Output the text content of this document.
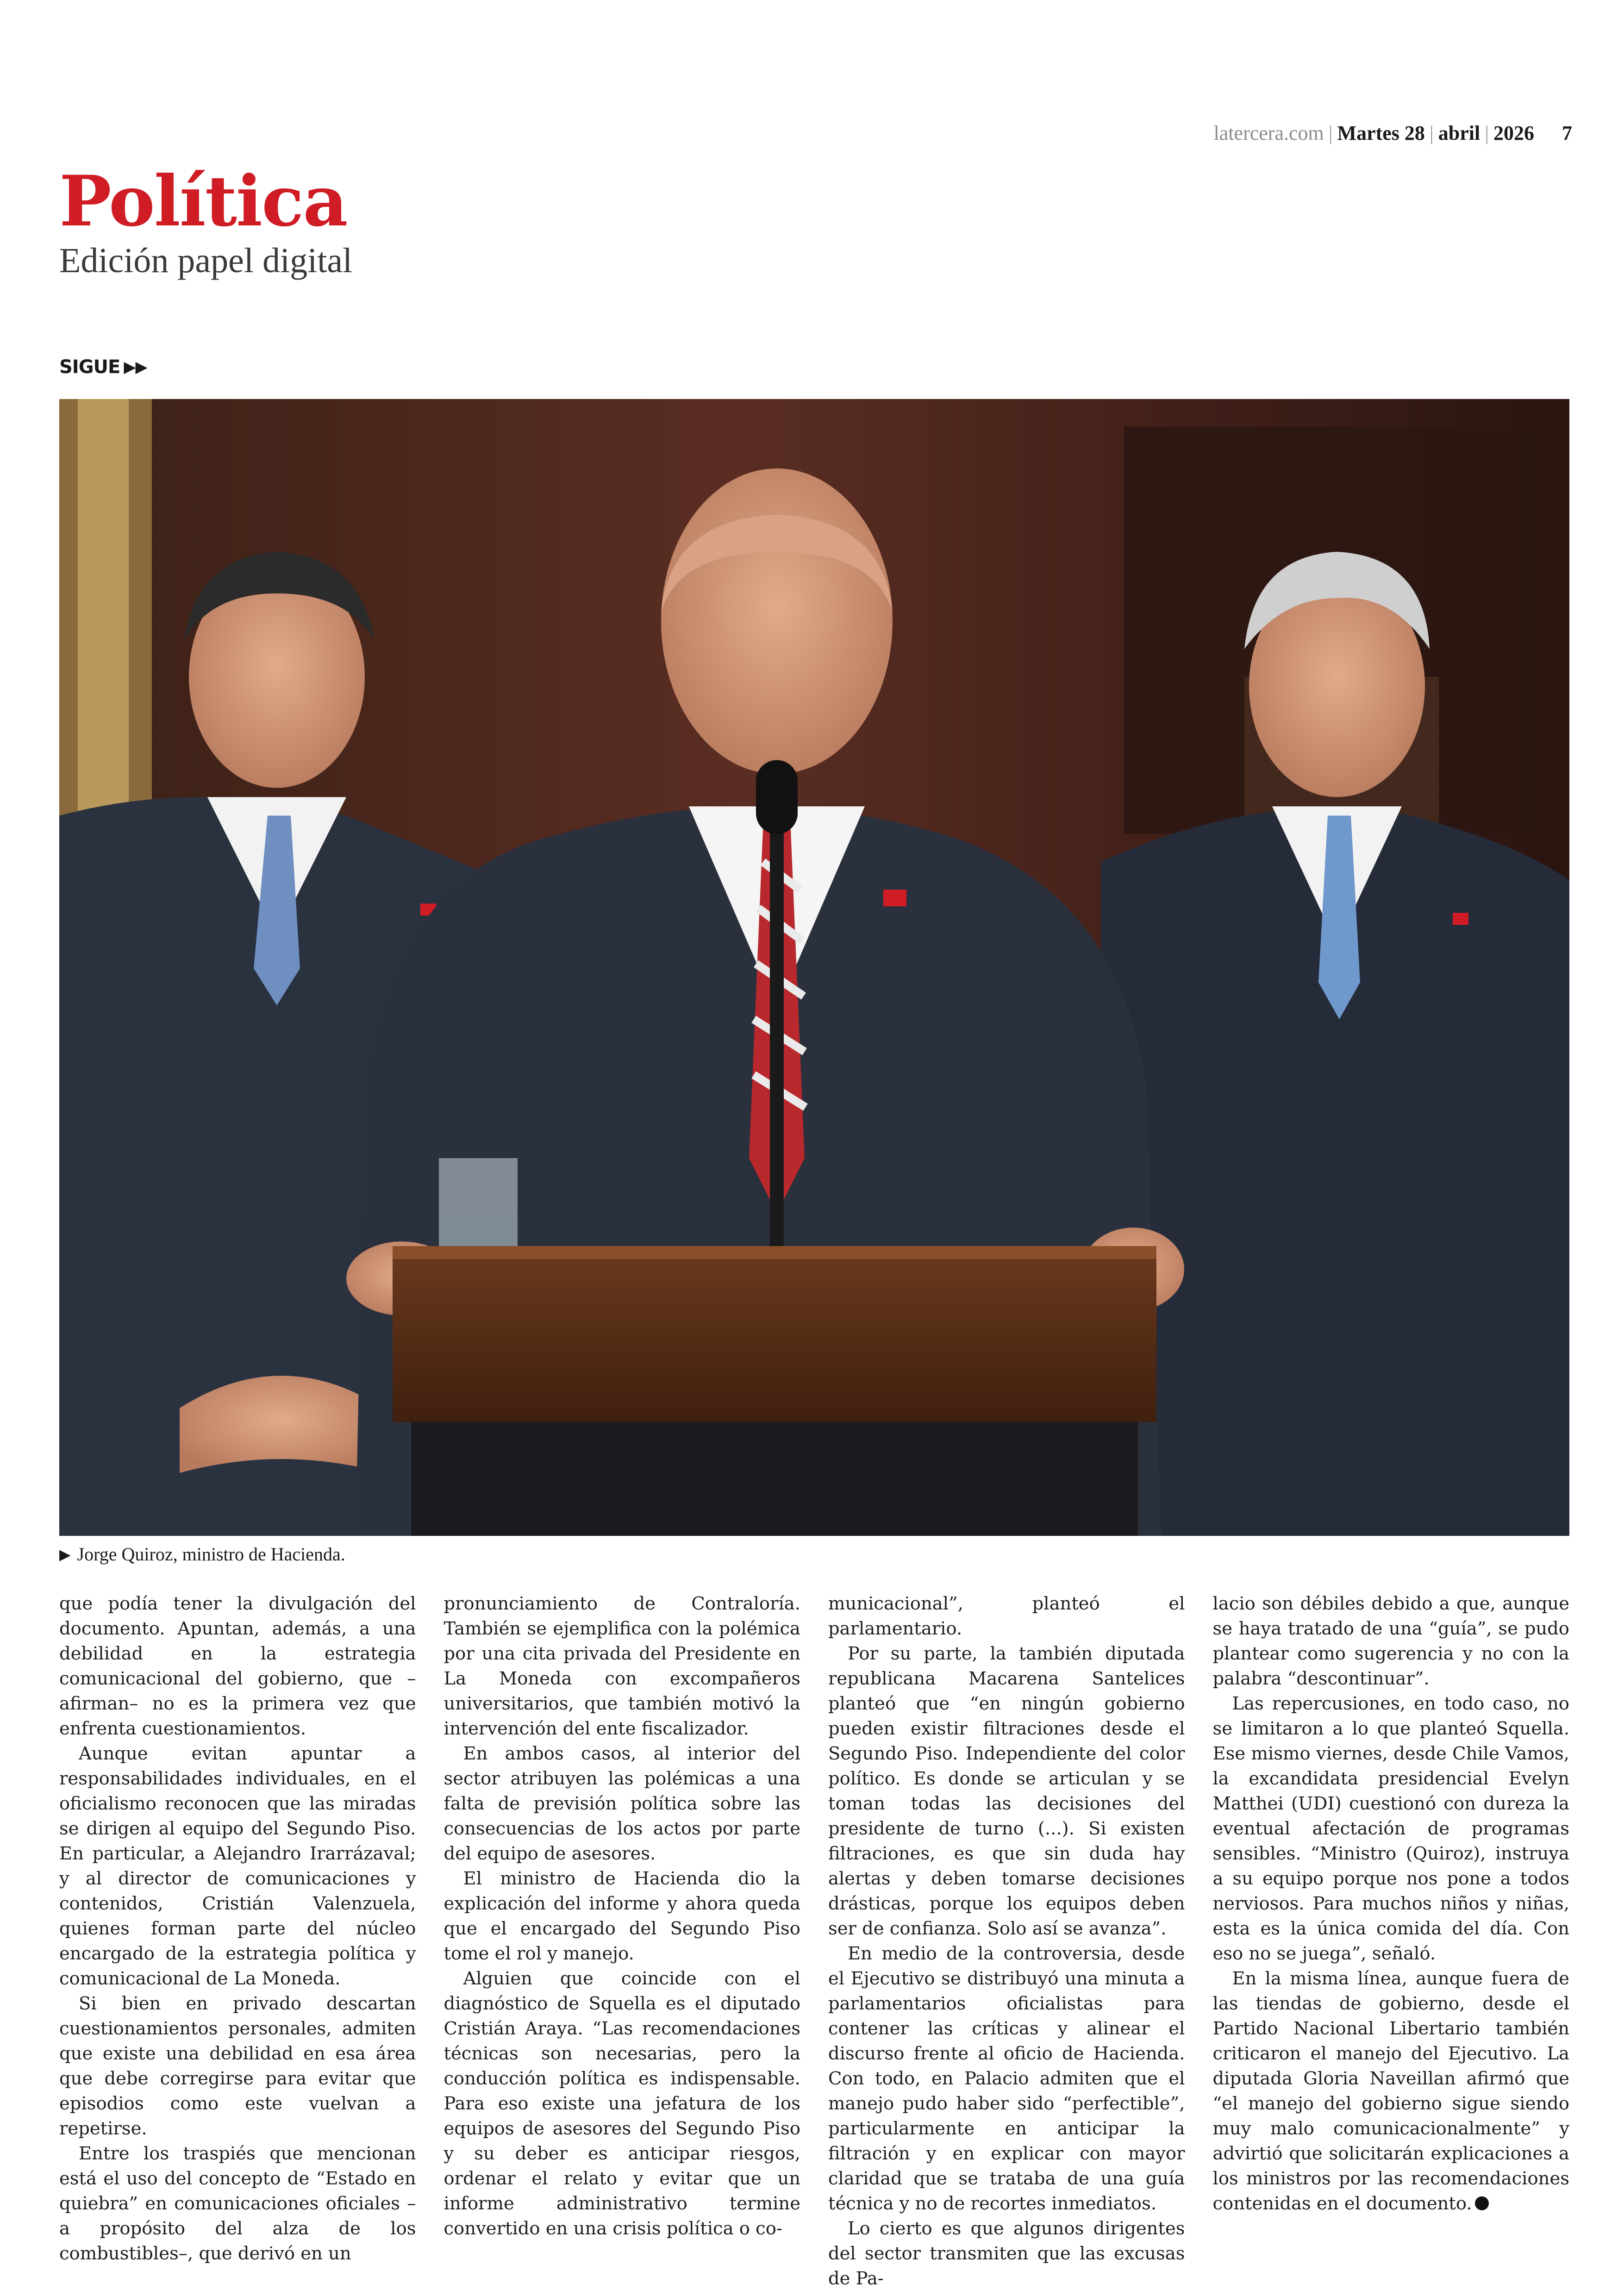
latercera.com | Martes 28 | abril | 2026 7
Política
Edición papel digital
SIGUE ▶▶
▶ Jorge Quiroz, ministro de Hacienda.

que podía tener la divulgación del documento. Apuntan, además, a una debilidad en la estrategia comunicacional del gobierno, que –afirman– no es la primera vez que enfrenta cuestionamientos.

Aunque evitan apuntar a responsabilidades individuales, en el oficialismo reconocen que las miradas se dirigen al equipo del Segundo Piso. En particular, a Alejandro Irarrázaval; y al director de comunicaciones y contenidos, Cristián Valenzuela, quienes forman parte del núcleo encargado de la estrategia política y comunicacional de La Moneda.

Si bien en privado descartan cuestionamientos personales, admiten que existe una debilidad en esa área que debe corregirse para evitar que episodios como este vuelvan a repetirse.

Entre los traspiés que mencionan está el uso del concepto de “Estado en quiebra” en comunicaciones oficiales –a propósito del alza de los combustibles–, que derivó en un

pronunciamiento de Contraloría. También se ejemplifica con la polémica por una cita privada del Presidente en La Moneda con excompañeros universitarios, que también motivó la intervención del ente fiscalizador.

En ambos casos, al interior del sector atribuyen las polémicas a una falta de previsión política sobre las consecuencias de los actos por parte del equipo de asesores.

El ministro de Hacienda dio la explicación del informe y ahora queda que el encargado del Segundo Piso tome el rol y manejo.

Alguien que coincide con el diagnóstico de Squella es el diputado Cristián Araya. “Las recomendaciones técnicas son necesarias, pero la conducción política es indispensable. Para eso existe una jefatura de los equipos de asesores del Segundo Piso y su deber es anticipar riesgos, ordenar el relato y evitar que un informe administrativo termine convertido en una crisis política o co-

municacional”, planteó el parlamentario.

Por su parte, la también diputada republicana Macarena Santelices planteó que “en ningún gobierno pueden existir filtraciones desde el Segundo Piso. Independiente del color político. Es donde se articulan y se toman todas las decisiones del presidente de turno (...). Si existen filtraciones, es que sin duda hay alertas y deben tomarse decisiones drásticas, porque los equipos deben ser de confianza. Solo así se avanza”.

En medio de la controversia, desde el Ejecutivo se distribuyó una minuta a parlamentarios oficialistas para contener las críticas y alinear el discurso frente al oficio de Hacienda. Con todo, en Palacio admiten que el manejo pudo haber sido “perfectible”, particularmente en anticipar la filtración y en explicar con mayor claridad que se trataba de una guía técnica y no de recortes inmediatos.

Lo cierto es que algunos dirigentes del sector transmiten que las excusas de Pa-

lacio son débiles debido a que, aunque se haya tratado de una “guía”, se pudo plantear como sugerencia y no con la palabra “descontinuar”.

Las repercusiones, en todo caso, no se limitaron a lo que planteó Squella. Ese mismo viernes, desde Chile Vamos, la excandidata presidencial Evelyn Matthei (UDI) cuestionó con dureza la eventual afectación de programas sensibles. “Ministro (Quiroz), instruya a su equipo porque nos pone a todos nerviosos. Para muchos niños y niñas, esta es la única comida del día. Con eso no se juega”, señaló.

En la misma línea, aunque fuera de las tiendas de gobierno, desde el Partido Nacional Libertario también criticaron el manejo del Ejecutivo. La diputada Gloria Naveillan afirmó que “el manejo del gobierno sigue siendo muy malo comunicacionalmente” y advirtió que solicitarán explicaciones a los ministros por las recomendaciones contenidas en el documento.
